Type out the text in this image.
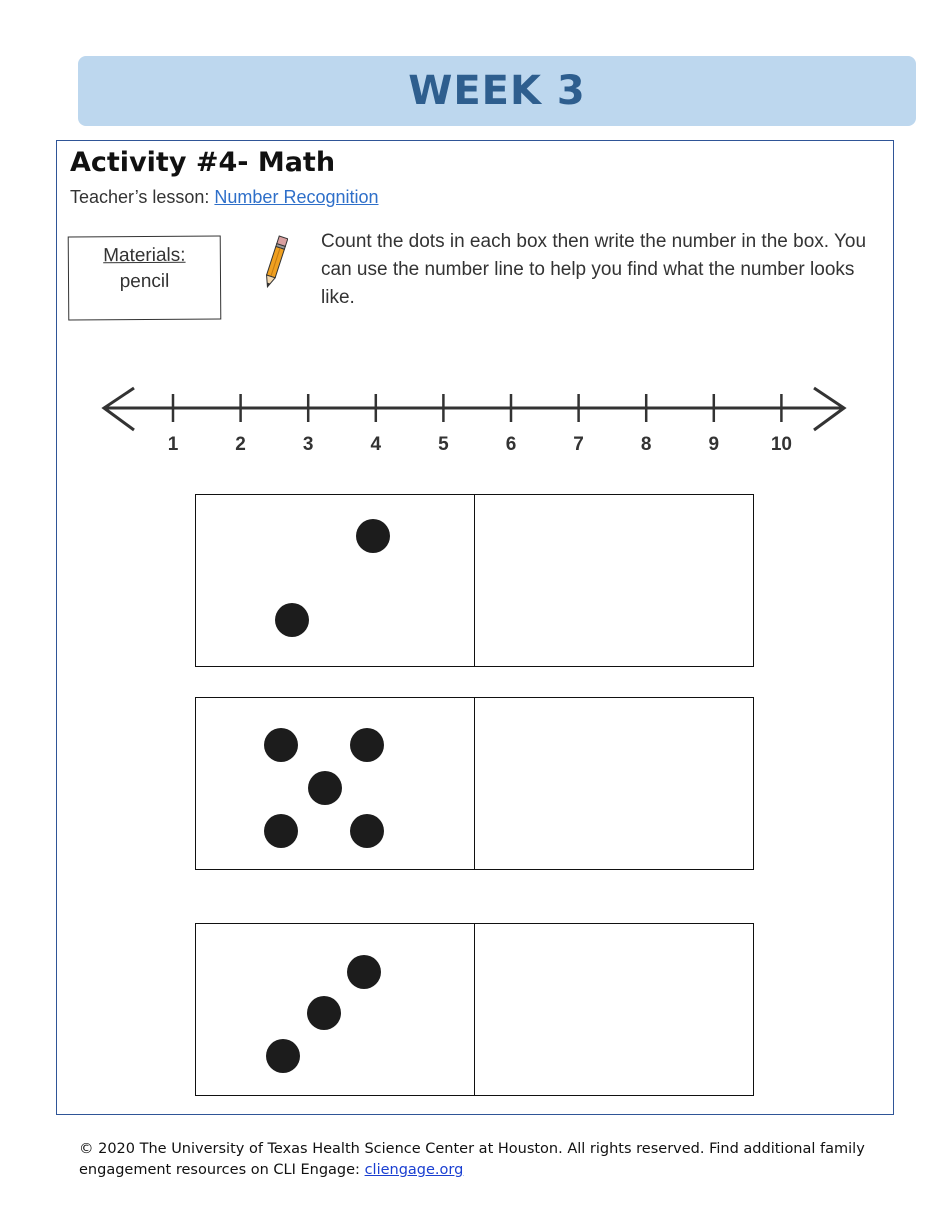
WEEK 3
Activity #4- Math
Teacher’s lesson: Number Recognition
Materials:
pencil
Count the dots in each box then write the number in the box. You can use the number line to help you find what the number looks like.
1	2	3	4	5	6	7	8	9	10
© 2020 The University of Texas Health Science Center at Houston. All rights reserved. Find additional family engagement resources on CLI Engage: cliengage.org
